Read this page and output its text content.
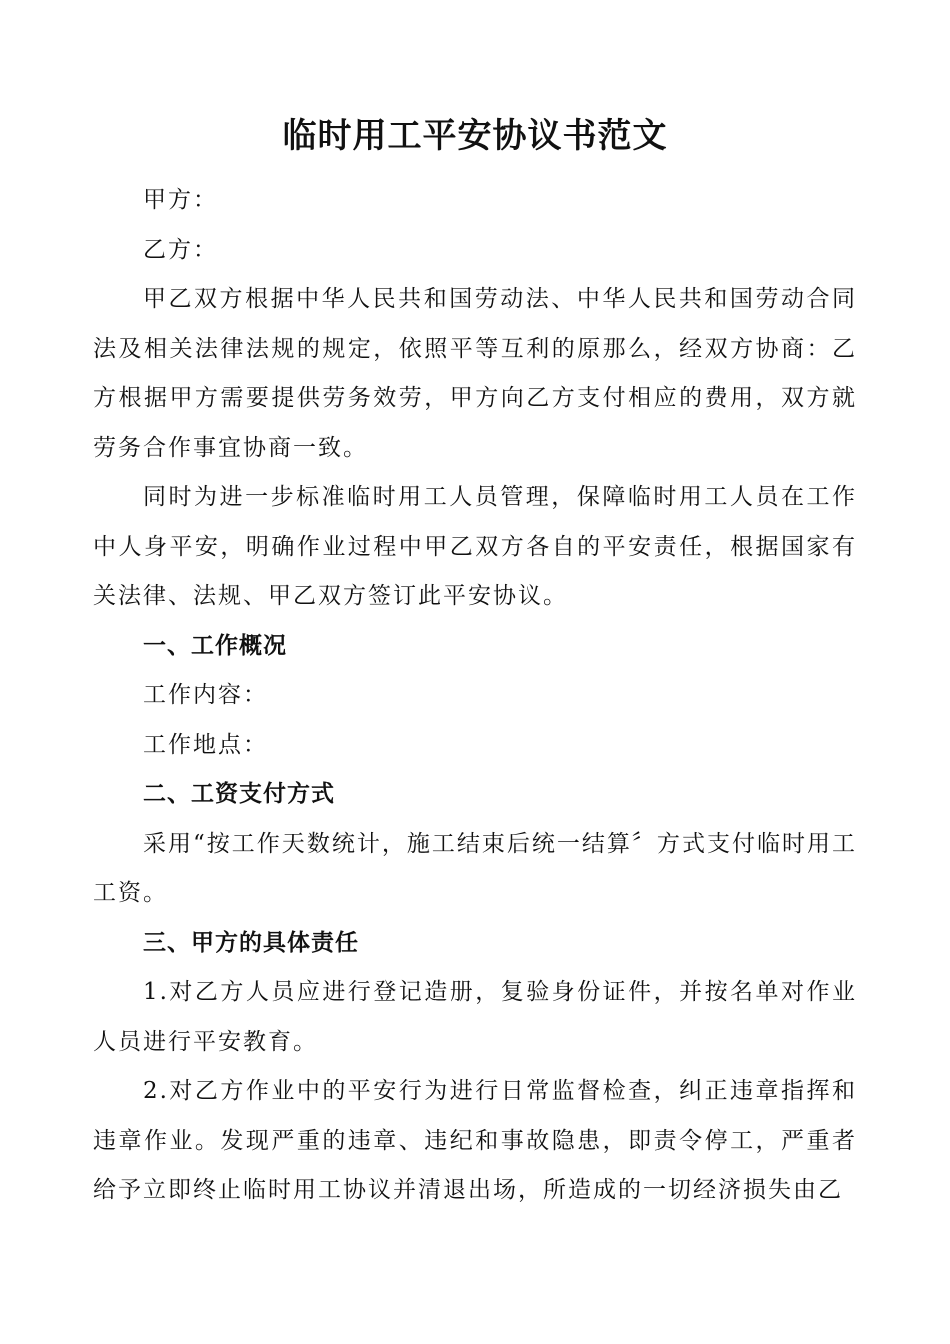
临时用工平安协议书范文

甲方：

乙方：

甲乙双方根据中华人民共和国劳动法、中华人民共和国劳动合同法及相关法律法规的规定，依照平等互利的原那么，经双方协商：乙方根据甲方需要提供劳务效劳，甲方向乙方支付相应的费用，双方就劳务合作事宜协商一致。

同时为进一步标准临时用工人员管理，保障临时用工人员在工作中人身平安，明确作业过程中甲乙双方各自的平安责任，根据国家有关法律、法规、甲乙双方签订此平安协议。

一、工作概况

工作内容：

工作地点：

二、工资支付方式

采用“按工作天数统计，施工结束后统一结算〞方式支付临时用工工资。

三、甲方的具体责任

1.对乙方人员应进行登记造册，复验身份证件，并按名单对作业人员进行平安教育。

2.对乙方作业中的平安行为进行日常监督检查，纠正违章指挥和违章作业。发现严重的违章、违纪和事故隐患，即责令停工，严重者给予立即终止临时用工协议并清退出场，所造成的一切经济损失由乙
